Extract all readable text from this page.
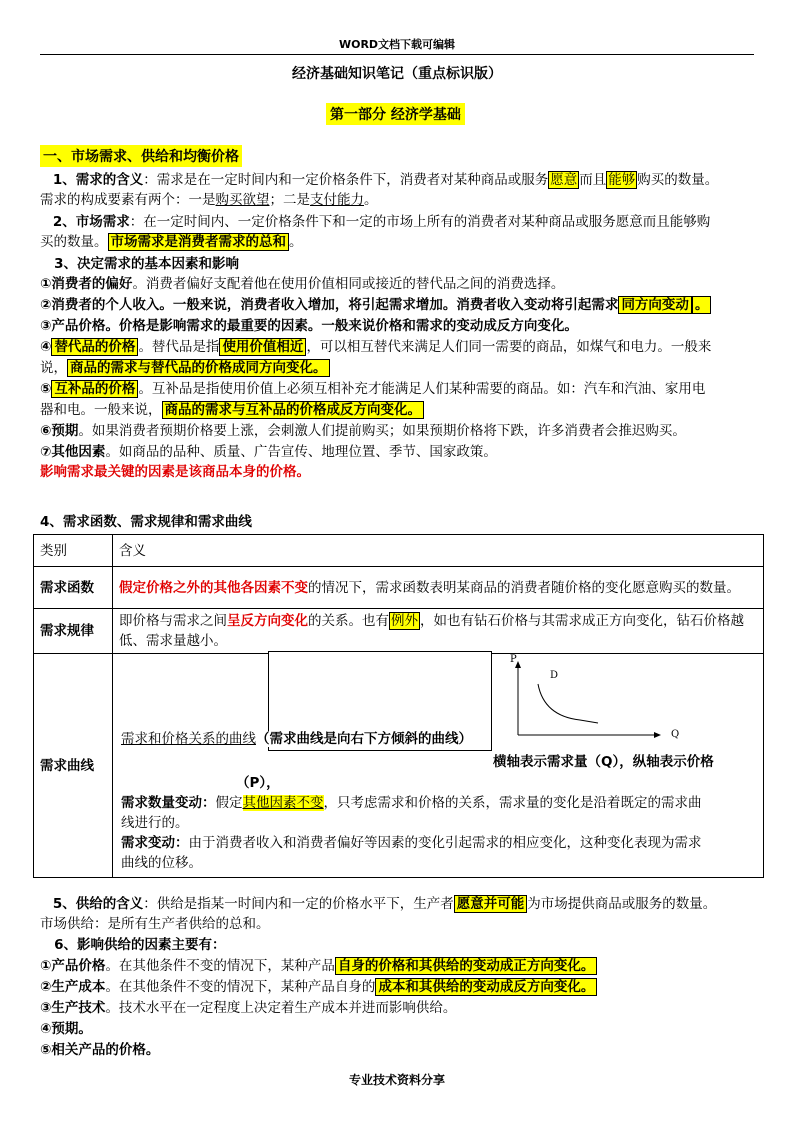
WORD文档下载可编辑
经济基础知识笔记（重点标识版）
第一部分 经济学基础
一、市场需求、供给和均衡价格
1、需求的含义：需求是在一定时间内和一定价格条件下，消费者对某种商品或服务 愿意 而且 能够 购买的数量。
需求的构成要素有两个：一是购买欲望；二是支付能力。
2、市场需求：在一定时间内、一定价格条件下和一定的市场上所有的消费者对某种商品或服务愿意而且能够购
买的数量。 市场需求是消费者需求的总和 。
3、决定需求的基本因素和影响
①消费者的偏好。消费者偏好支配着他在使用价值相同或接近的替代品之间的消费选择。
②消费者的个人收入。一般来说，消费者收入增加，将引起需求增加。消费者收入变动将引起需求 同方向变动 。
③产品价格。价格是影响需求的最重要的因素。一般来说价格和需求的变动成反方向变化。
④ 替代品的价格 。替代品是指 使用价值相近 ，可以相互替代来满足人们同一需要的商品，如煤气和电力。一般来
说， 商品的需求与替代品的价格成同方向变化。
⑤ 互补品的价格 。互补品是指使用价值上必须互相补充才能满足人们某种需要的商品。如：汽车和汽油、家用电
器和电。一般来说， 商品的需求与互补品的价格成反方向变化。
⑥预期。如果消费者预期价格要上涨，会刺激人们提前购买；如果预期价格将下跌，许多消费者会推迟购买。
⑦其他因素。如商品的品种、质量、广告宣传、地理位置、季节、国家政策。
影响需求最关键的因素是该商品本身的价格。
4、需求函数、需求规律和需求曲线
类别	含义
需求函数	假定价格之外的其他各因素不变的情况下，需求函数表明某商品的消费者随价格的变化愿意购买的数量。
需求规律	即价格与需求之间呈反方向变化的关系。也有 例外 ，如也有钻石价格与其需求成正方向变化，钻石价格越低、需求量越小。
需求曲线	
需求和价格关系的曲线（需求曲线是向右下方倾斜的曲线）
P
D
Q
横轴表示需求量（Q），纵轴表示价格
（P），
需求数量变动：假定其他因素不变，只考虑需求和价格的关系，需求量的变化是沿着既定的需求曲
线进行的。
需求变动：由于消费者收入和消费者偏好等因素的变化引起需求的相应变化，这种变化表现为需求
曲线的位移。
5、供给的含义：供给是指某一时间内和一定的价格水平下，生产者 愿意并可能 为市场提供商品或服务的数量。
市场供给：是所有生产者供给的总和。
6、影响供给的因素主要有：
①产品价格。在其他条件不变的情况下，某种产品 自身的价格和其供给的变动成正方向变化。
②生产成本。在其他条件不变的情况下，某种产品自身的 成本和其供给的变动成反方向变化。
③生产技术。技术水平在一定程度上决定着生产成本并进而影响供给。
④预期。
⑤相关产品的价格。
专业技术资料分享
